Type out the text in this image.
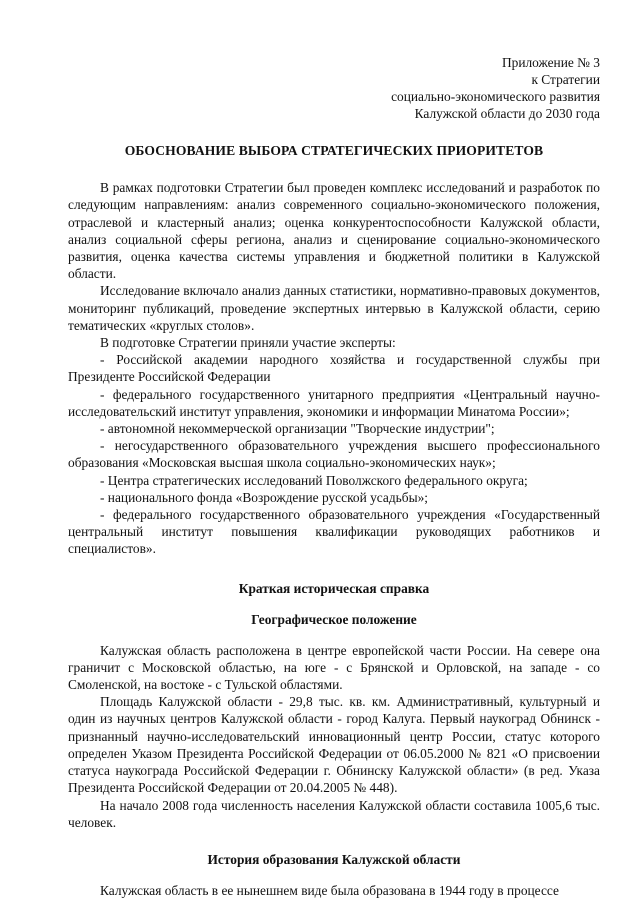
Приложение № 3
к Стратегии
социально-экономического развития
Калужской области до 2030 года
ОБОСНОВАНИЕ ВЫБОРА СТРАТЕГИЧЕСКИХ ПРИОРИТЕТОВ

В рамках подготовки Стратегии был проведен комплекс исследований и разработок по следующим направлениям: анализ современного социально-экономического положения, отраслевой и кластерный анализ; оценка конкурентоспособности Калужской области, анализ социальной сферы региона, анализ и сценирование социально-экономического развития, оценка качества системы управления и бюджетной политики в Калужской области.

Исследование включало анализ данных статистики, нормативно-правовых документов, мониторинг публикаций, проведение экспертных интервью в Калужской области, серию тематических «круглых столов».

В подготовке Стратегии приняли участие эксперты:

- Российской академии народного хозяйства и государственной службы при Президенте Российской Федерации

- федерального государственного унитарного предприятия «Центральный научно-исследовательский институт управления, экономики и информации Минатома России»;

- автономной некоммерческой организации "Творческие индустрии";

- негосударственного образовательного учреждения высшего профессионального образования «Московская высшая школа социально-экономических наук»;

- Центра стратегических исследований Поволжского федерального округа;

- национального фонда «Возрождение русской усадьбы»;

- федерального государственного образовательного учреждения «Государственный центральный институт повышения квалификации руководящих работников и специалистов».

Краткая историческая справка
Географическое положение

Калужская область расположена в центре европейской части России. На севере она граничит с Московской областью, на юге - с Брянской и Орловской, на западе - со Смоленской, на востоке - с Тульской областями.

Площадь Калужской области - 29,8 тыс. кв. км. Административный, культурный и один из научных центров Калужской области - город Калуга. Первый наукоград Обнинск - признанный научно-исследовательский инновационный центр России, статус которого определен Указом Президента Российской Федерации от 06.05.2000 № 821 «О присвоении статуса наукограда Российской Федерации г. Обнинску Калужской области» (в ред. Указа Президента Российской Федерации от 20.04.2005 № 448).

На начало 2008 года численность населения Калужской области составила 1005,6 тыс. человек.

История образования Калужской области

Калужская область в ее нынешнем виде была образована в 1944 году в процессе
